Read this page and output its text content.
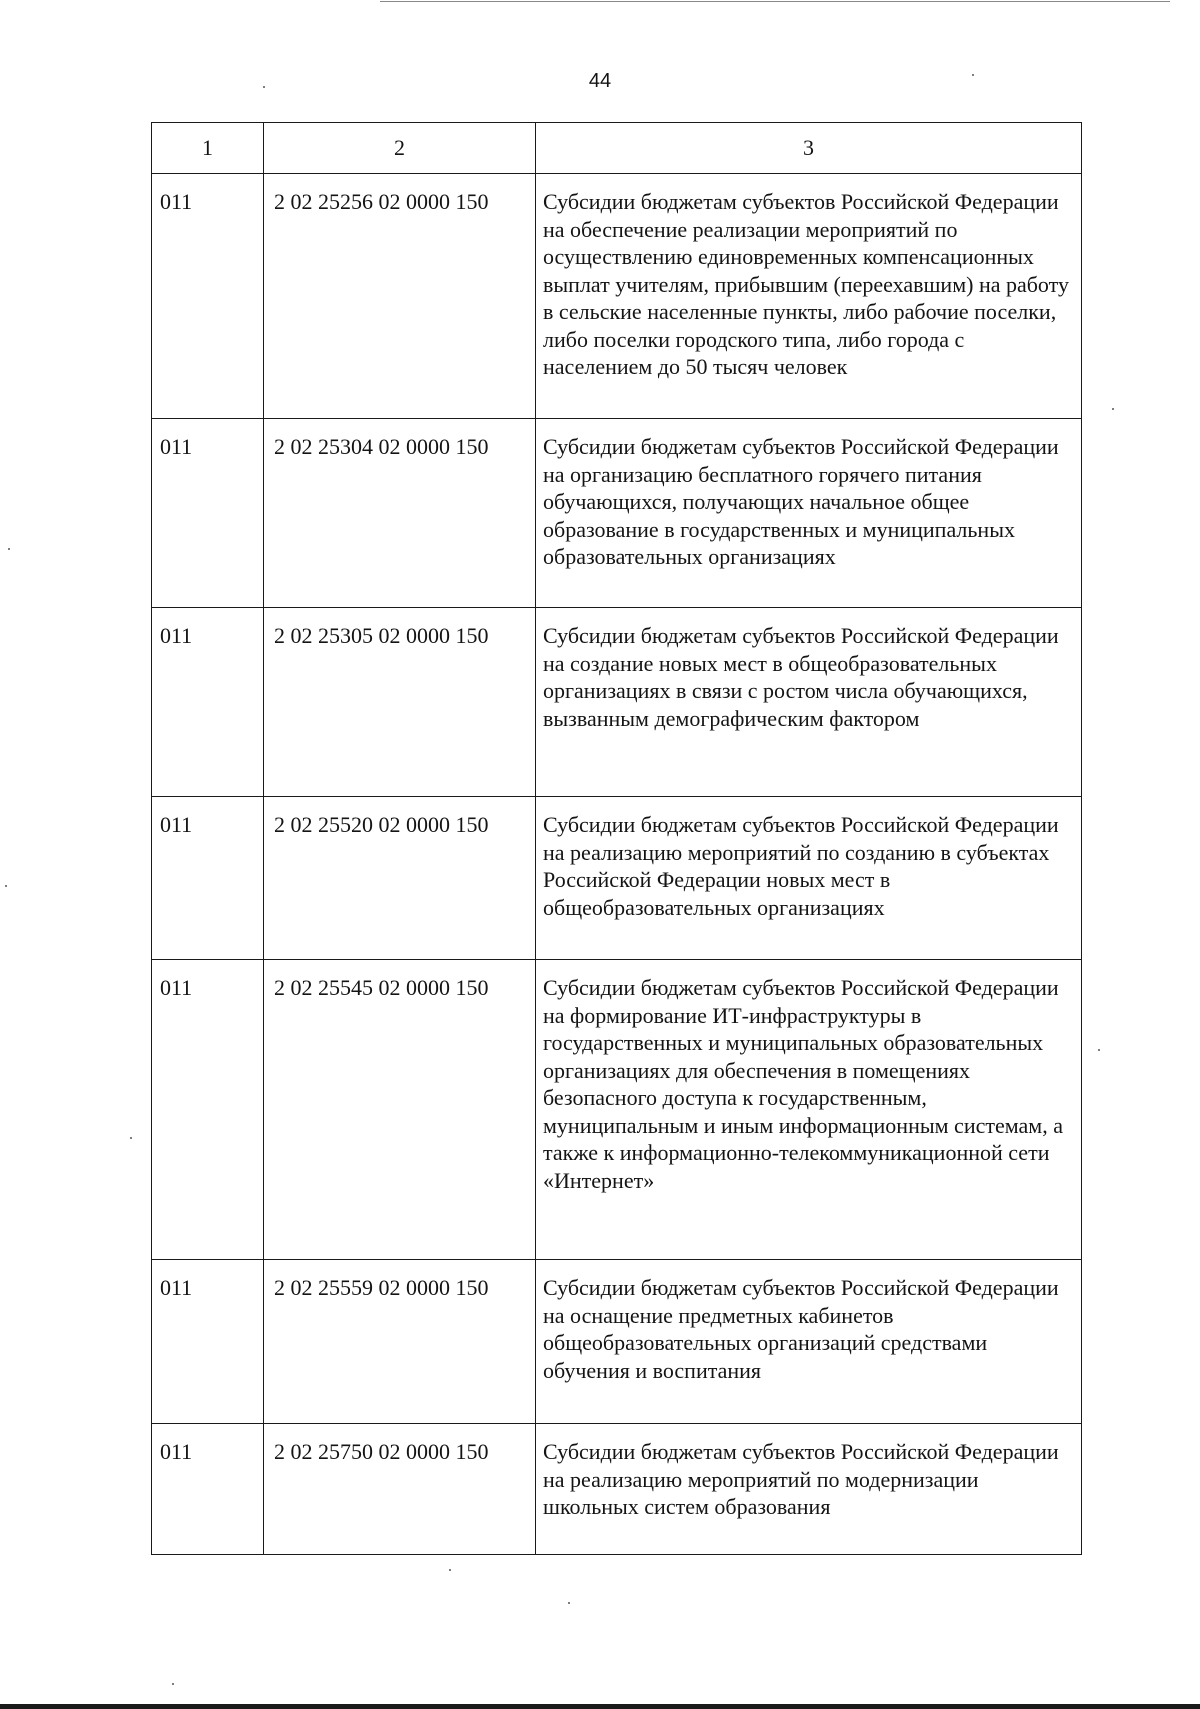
44
1	2	3
011	2 02 25256 02 0000 150	Субсидии бюджетам субъектов Российской Федерации на обеспечение реализации мероприятий по осуществлению единовременных компенсационных выплат учителям, прибывшим (переехавшим) на работу в сельские населенные пункты, либо рабочие поселки, либо поселки городского типа, либо города с населением до 50 тысяч человек
011	2 02 25304 02 0000 150	Субсидии бюджетам субъектов Российской Федерации на организацию бесплатного горячего питания обучающихся, получающих начальное общее образование в государственных и муниципальных образовательных организациях
011	2 02 25305 02 0000 150	Субсидии бюджетам субъектов Российской Федерации на создание новых мест в общеобразовательных организациях в связи с ростом числа обучающихся, вызванным демографическим фактором
011	2 02 25520 02 0000 150	Субсидии бюджетам субъектов Российской Федерации на реализацию мероприятий по созданию в субъектах Российской Федерации новых мест в общеобразовательных организациях
011	2 02 25545 02 0000 150	Субсидии бюджетам субъектов Российской Федерации на формирование ИТ-инфраструктуры в государственных и муниципальных образовательных организациях для обеспечения в помещениях безопасного доступа к государственным, муниципальным и иным информационным системам, а также к информационно-телекоммуникационной сети «Интернет»
011	2 02 25559 02 0000 150	Субсидии бюджетам субъектов Российской Федерации на оснащение предметных кабинетов общеобразовательных организаций средствами обучения и воспитания
011	2 02 25750 02 0000 150	Субсидии бюджетам субъектов Российской Федерации на реализацию мероприятий по модернизации школьных систем образования
